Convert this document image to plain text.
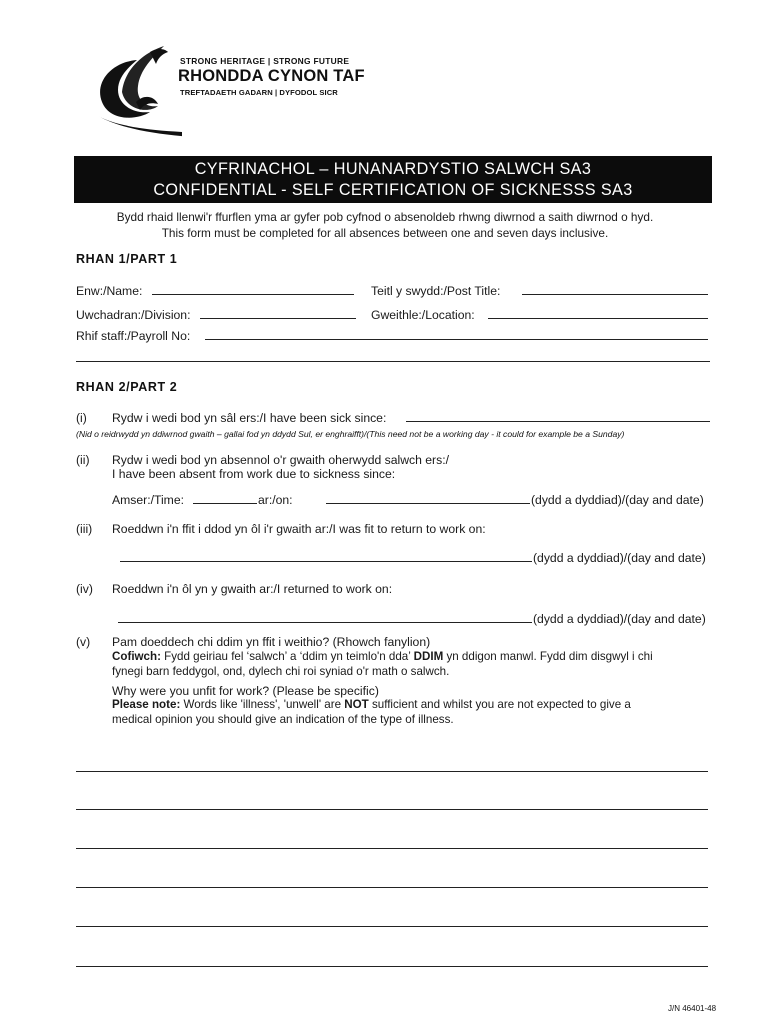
STRONG HERITAGE | STRONG FUTURE
RHONDDA CYNON TAF
TREFTADAETH GADARN | DYFODOL SICR
CYFRINACHOL – HUNANARDYSTIO SALWCH SA3
CONFIDENTIAL - SELF CERTIFICATION OF SICKNESSS SA3
Bydd rhaid llenwi'r ffurflen yma ar gyfer pob cyfnod o absenoldeb rhwng diwrnod a saith diwrnod o hyd.
This form must be completed for all absences between one and seven days inclusive.
RHAN 1/PART 1
Enw:/Name:	Teitl y swydd:/Post Title:
Uwchadran:/Division:	Gweithle:/Location:
Rhif staff:/Payroll No:
RHAN 2/PART 2
(i) Rydw i wedi bod yn sâl ers:/I have been sick since:
(Nid o reidrwydd yn ddiwrnod gwaith – gallai fod yn ddydd Sul, er enghraifft)/(This need not be a working day - it could for example be a Sunday)
(ii) Rydw i wedi bod yn absennol o'r gwaith oherwydd salwch ers:/
I have been absent from work due to sickness since:
Amser:/Time:	ar:/on:	(dydd a dyddiad)/(day and date)
(iii) Roeddwn i'n ffit i ddod yn ôl i'r gwaith ar:/I was fit to return to work on:
(dydd a dyddiad)/(day and date)
(iv) Roeddwn i'n ôl yn y gwaith ar:/I returned to work on:
(dydd a dyddiad)/(day and date)
(v) Pam doeddech chi ddim yn ffit i weithio? (Rhowch fanylion)
Cofiwch: Fydd geiriau fel ‘salwch’ a ‘ddim yn teimlo'n dda’ DDIM yn ddigon manwl. Fydd dim disgwyl i chi
fynegi barn feddygol, ond, dylech chi roi syniad o'r math o salwch.
Why were you unfit for work? (Please be specific)
Please note: Words like 'illness', 'unwell' are NOT sufficient and whilst you are not expected to give a
medical opinion you should give an indication of the type of illness.
J/N 46401-48
